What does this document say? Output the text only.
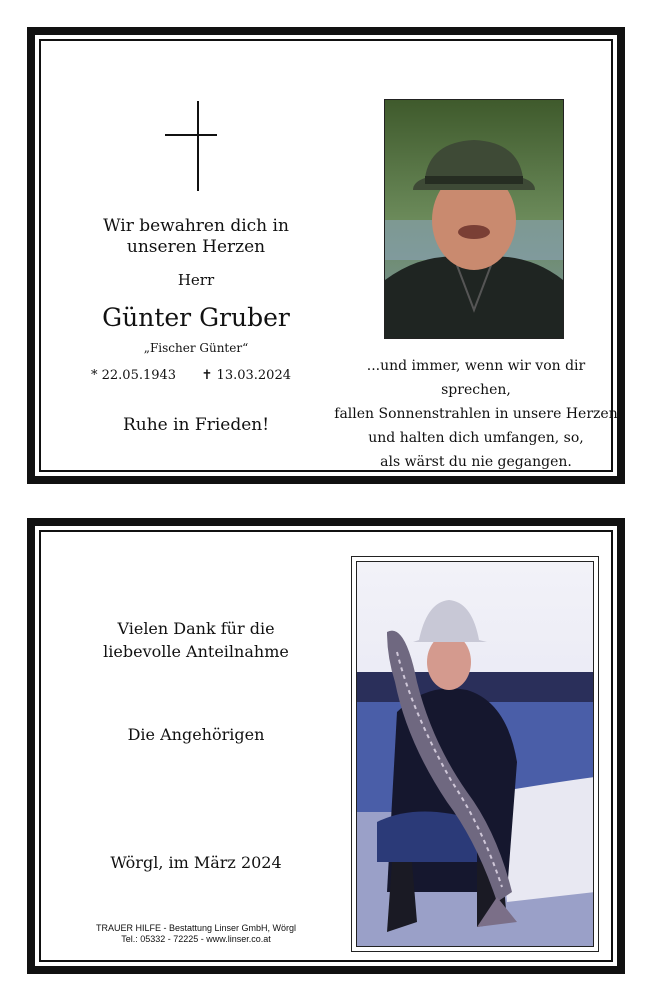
Wir bewahren dich in unseren Herzen
Herr
Günter Gruber
„Fischer Günter“
* 22.05.1943 ✝ 13.03.2024
Ruhe in Frieden!
...und immer, wenn wir von dir sprechen,
fallen Sonnenstrahlen in unsere Herzen
und halten dich umfangen, so,
als wärst du nie gegangen.
Vielen Dank für die
liebevolle Anteilnahme
Die Angehörigen
Wörgl, im März 2024
TRAUER HILFE - Bestattung Linser GmbH, Wörgl
Tel.: 05332 - 72225 - www.linser.co.at
